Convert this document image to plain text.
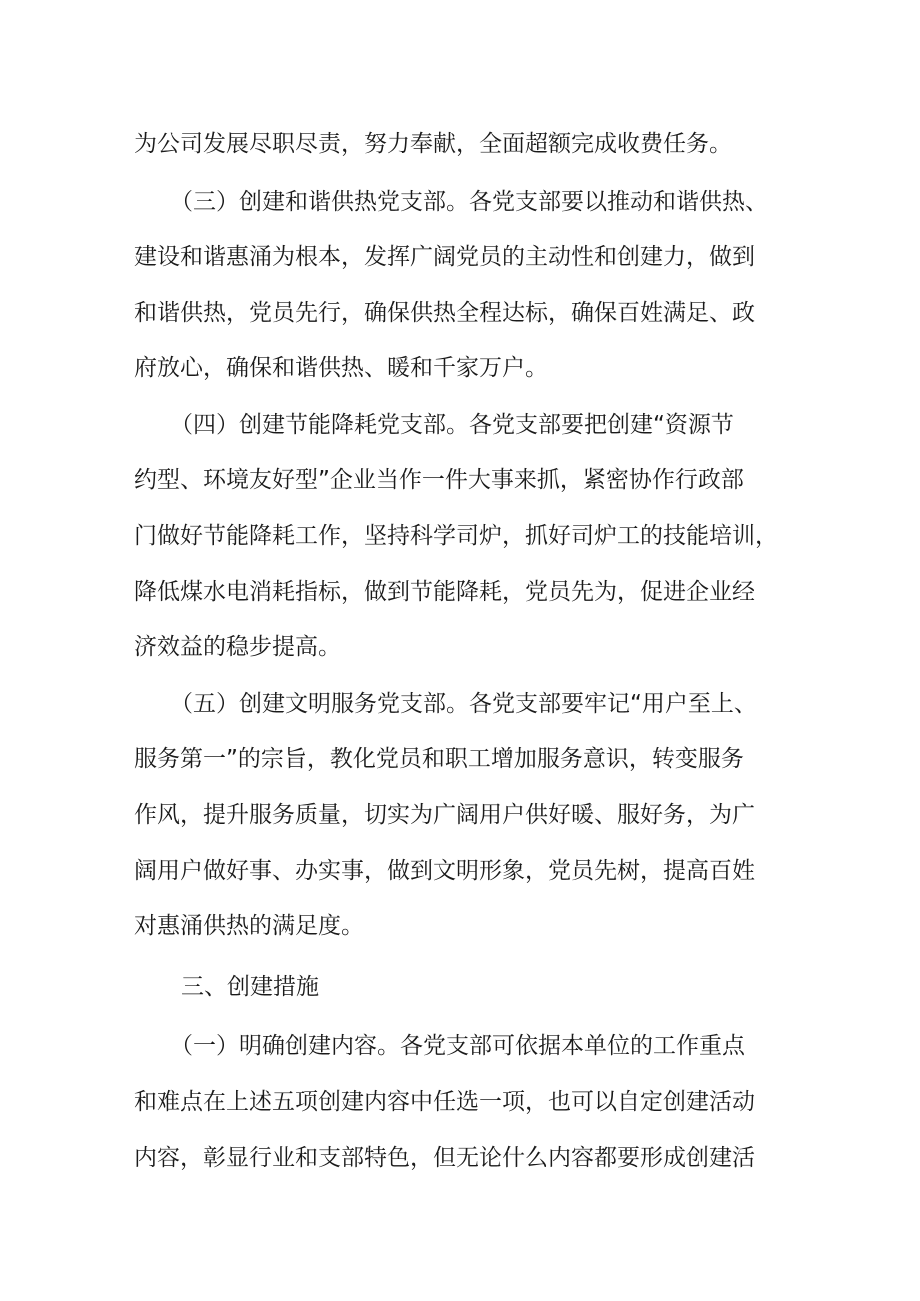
为公司发展尽职尽责，努力奉献，全面超额完成收费任务。
（三）创建和谐供热党支部。各党支部要以推动和谐供热、
建设和谐惠涌为根本，发挥广阔党员的主动性和创建力，做到
和谐供热，党员先行，确保供热全程达标，确保百姓满足、政
府放心，确保和谐供热、暖和千家万户。
（四）创建节能降耗党支部。各党支部要把创建“资源节
约型、环境友好型”企业当作一件大事来抓，紧密协作行政部
门做好节能降耗工作，坚持科学司炉，抓好司炉工的技能培训，
降低煤水电消耗指标，做到节能降耗，党员先为，促进企业经
济效益的稳步提高。
（五）创建文明服务党支部。各党支部要牢记“用户至上、
服务第一”的宗旨，教化党员和职工增加服务意识，转变服务
作风，提升服务质量，切实为广阔用户供好暖、服好务，为广
阔用户做好事、办实事，做到文明形象，党员先树，提高百姓
对惠涌供热的满足度。
三、创建措施
（一）明确创建内容。各党支部可依据本单位的工作重点
和难点在上述五项创建内容中任选一项，也可以自定创建活动
内容，彰显行业和支部特色，但无论什么内容都要形成创建活
